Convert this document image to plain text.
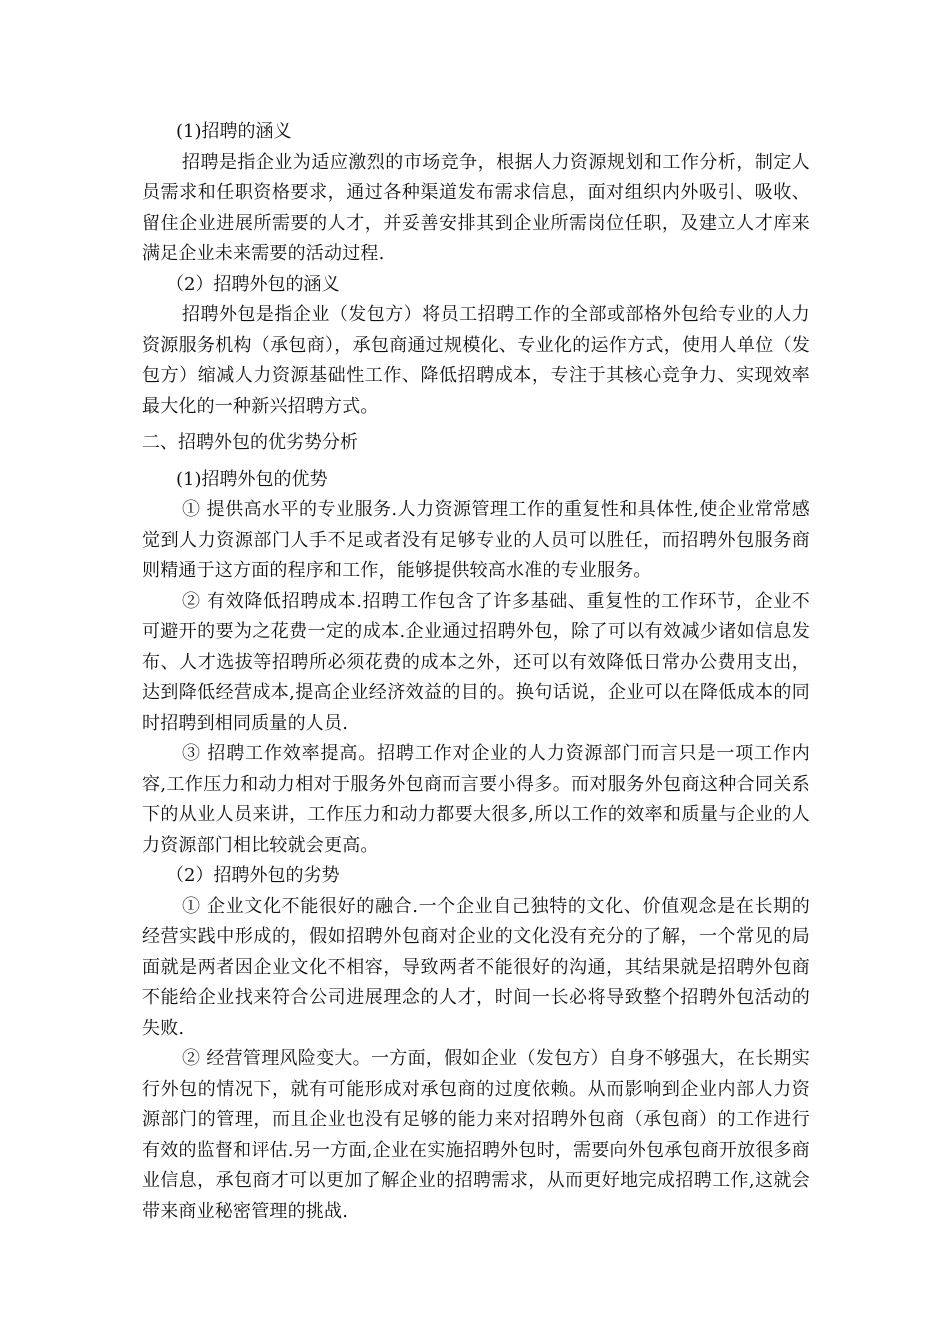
(1)招聘的涵义

招聘是指企业为适应激烈的市场竞争，根据人力资源规划和工作分析，制定人员需求和任职资格要求，通过各种渠道发布需求信息，面对组织内外吸引、吸收、留住企业进展所需要的人才，并妥善安排其到企业所需岗位任职，及建立人才库来满足企业未来需要的活动过程.

（2）招聘外包的涵义

招聘外包是指企业（发包方）将员工招聘工作的全部或部格外包给专业的人力资源服务机构（承包商），承包商通过规模化、专业化的运作方式，使用人单位（发包方）缩减人力资源基础性工作、降低招聘成本，专注于其核心竞争力、实现效率最大化的一种新兴招聘方式。

二、招聘外包的优劣势分析

(1)招聘外包的优势

① 提供高水平的专业服务.人力资源管理工作的重复性和具体性,使企业常常感觉到人力资源部门人手不足或者没有足够专业的人员可以胜任，而招聘外包服务商则精通于这方面的程序和工作，能够提供较高水准的专业服务。

② 有效降低招聘成本.招聘工作包含了许多基础、重复性的工作环节，企业不可避开的要为之花费一定的成本.企业通过招聘外包，除了可以有效减少诸如信息发布、人才选拔等招聘所必须花费的成本之外，还可以有效降低日常办公费用支出，达到降低经营成本,提高企业经济效益的目的。换句话说，企业可以在降低成本的同时招聘到相同质量的人员.

③ 招聘工作效率提高。招聘工作对企业的人力资源部门而言只是一项工作内容,工作压力和动力相对于服务外包商而言要小得多。而对服务外包商这种合同关系下的从业人员来讲，工作压力和动力都要大很多,所以工作的效率和质量与企业的人力资源部门相比较就会更高。

（2）招聘外包的劣势

① 企业文化不能很好的融合.一个企业自己独特的文化、价值观念是在长期的经营实践中形成的，假如招聘外包商对企业的文化没有充分的了解，一个常见的局面就是两者因企业文化不相容，导致两者不能很好的沟通，其结果就是招聘外包商不能给企业找来符合公司进展理念的人才，时间一长必将导致整个招聘外包活动的失败.

② 经营管理风险变大。一方面，假如企业（发包方）自身不够强大，在长期实行外包的情况下，就有可能形成对承包商的过度依赖。从而影响到企业内部人力资源部门的管理，而且企业也没有足够的能力来对招聘外包商（承包商）的工作进行有效的监督和评估.另一方面,企业在实施招聘外包时，需要向外包承包商开放很多商业信息，承包商才可以更加了解企业的招聘需求，从而更好地完成招聘工作,这就会带来商业秘密管理的挑战.
